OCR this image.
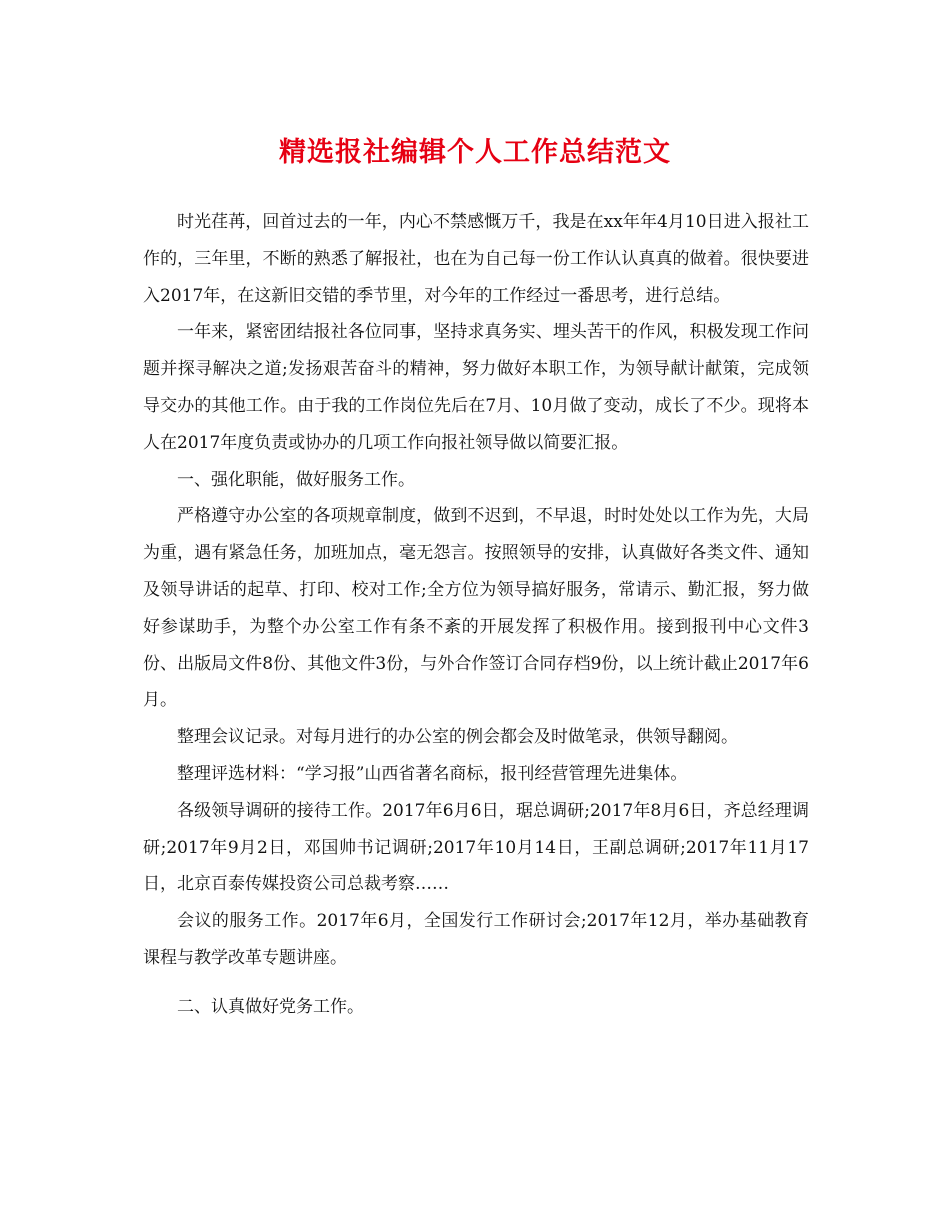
精选报社编辑个人工作总结范文

时光荏苒，回首过去的一年，内心不禁感慨万千，我是在xx年年4月10日进入报社工作的，三年里，不断的熟悉了解报社，也在为自己每一份工作认认真真的做着。很快要进入2017年，在这新旧交错的季节里，对今年的工作经过一番思考，进行总结。

一年来，紧密团结报社各位同事，坚持求真务实、埋头苦干的作风，积极发现工作问题并探寻解决之道;发扬艰苦奋斗的精神，努力做好本职工作，为领导献计献策，完成领导交办的其他工作。由于我的工作岗位先后在7月、10月做了变动，成长了不少。现将本人在2017年度负责或协办的几项工作向报社领导做以简要汇报。

一、强化职能，做好服务工作。

严格遵守办公室的各项规章制度，做到不迟到，不早退，时时处处以工作为先，大局为重，遇有紧急任务，加班加点，毫无怨言。按照领导的安排，认真做好各类文件、通知及领导讲话的起草、打印、校对工作;全方位为领导搞好服务，常请示、勤汇报，努力做好参谋助手，为整个办公室工作有条不紊的开展发挥了积极作用。接到报刊中心文件3份、出版局文件8份、其他文件3份，与外合作签订合同存档9份，以上统计截止2017年6月。

整理会议记录。对每月进行的办公室的例会都会及时做笔录，供领导翻阅。

整理评选材料：“学习报”山西省著名商标，报刊经营管理先进集体。

各级领导调研的接待工作。2017年6月6日，琚总调研;2017年8月6日，齐总经理调研;2017年9月2日，邓国帅书记调研;2017年10月14日，王副总调研;2017年11月17日，北京百泰传媒投资公司总裁考察……

会议的服务工作。2017年6月，全国发行工作研讨会;2017年12月，举办基础教育课程与教学改革专题讲座。

二、认真做好党务工作。
